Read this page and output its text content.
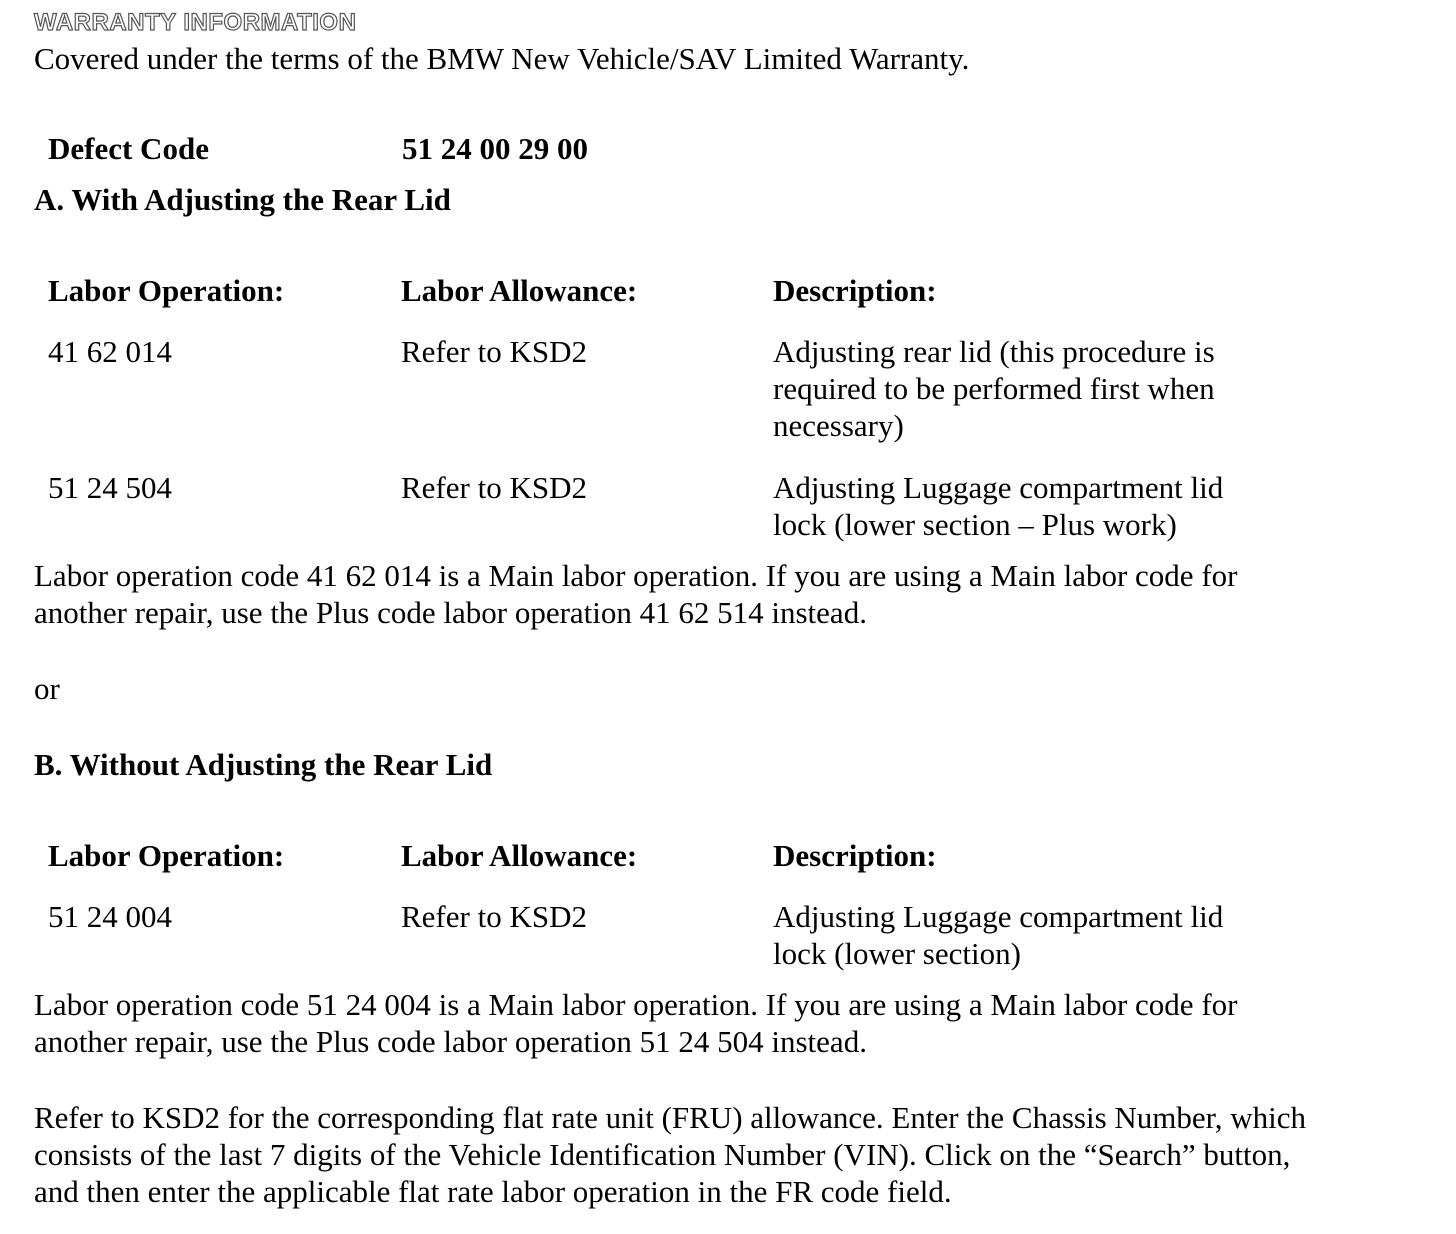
WARRANTY INFORMATION
Covered under the terms of the BMW New Vehicle/SAV Limited Warranty.
Defect Code	51 24 00 29 00
A. With Adjusting the Rear Lid
Labor Operation:	Labor Allowance:	Description:
41 62 014	Refer to KSD2	Adjusting rear lid (this procedure is
required to be performed first when
necessary)
51 24 504	Refer to KSD2	Adjusting Luggage compartment lid
lock (lower section – Plus work)
Labor operation code 41 62 014 is a Main labor operation. If you are using a Main labor code for
another repair, use the Plus code labor operation 41 62 514 instead.
or
B. Without Adjusting the Rear Lid
Labor Operation:	Labor Allowance:	Description:
51 24 004	Refer to KSD2	Adjusting Luggage compartment lid
lock (lower section)
Labor operation code 51 24 004 is a Main labor operation. If you are using a Main labor code for
another repair, use the Plus code labor operation 51 24 504 instead.
Refer to KSD2 for the corresponding flat rate unit (FRU) allowance. Enter the Chassis Number, which
consists of the last 7 digits of the Vehicle Identification Number (VIN). Click on the “Search” button,
and then enter the applicable flat rate labor operation in the FR code field.
